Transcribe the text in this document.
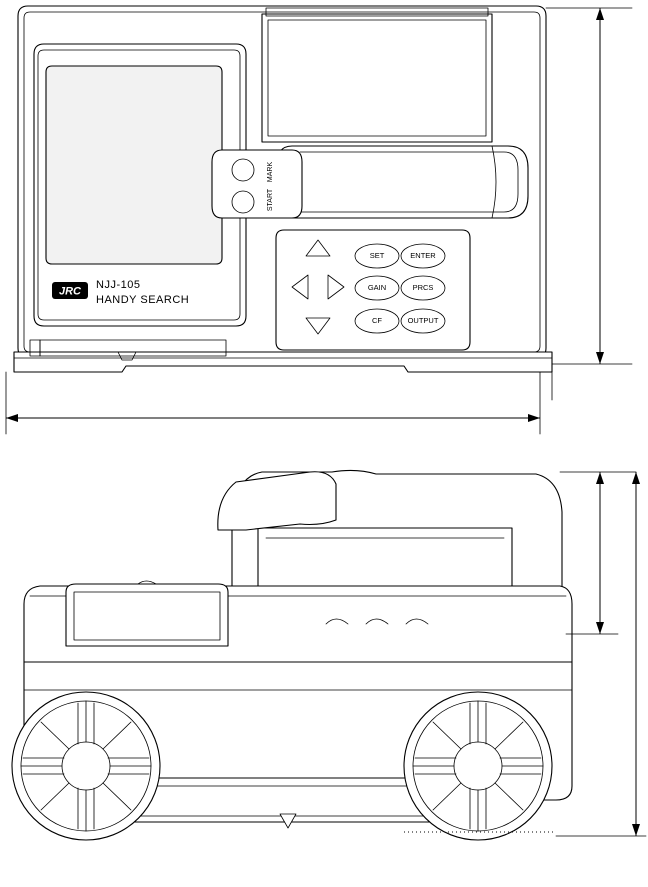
JRC
NJJ-105
HANDY SEARCH
START
MARK
SET	ENTER
GAIN	PRCS
CF	OUTPUT
